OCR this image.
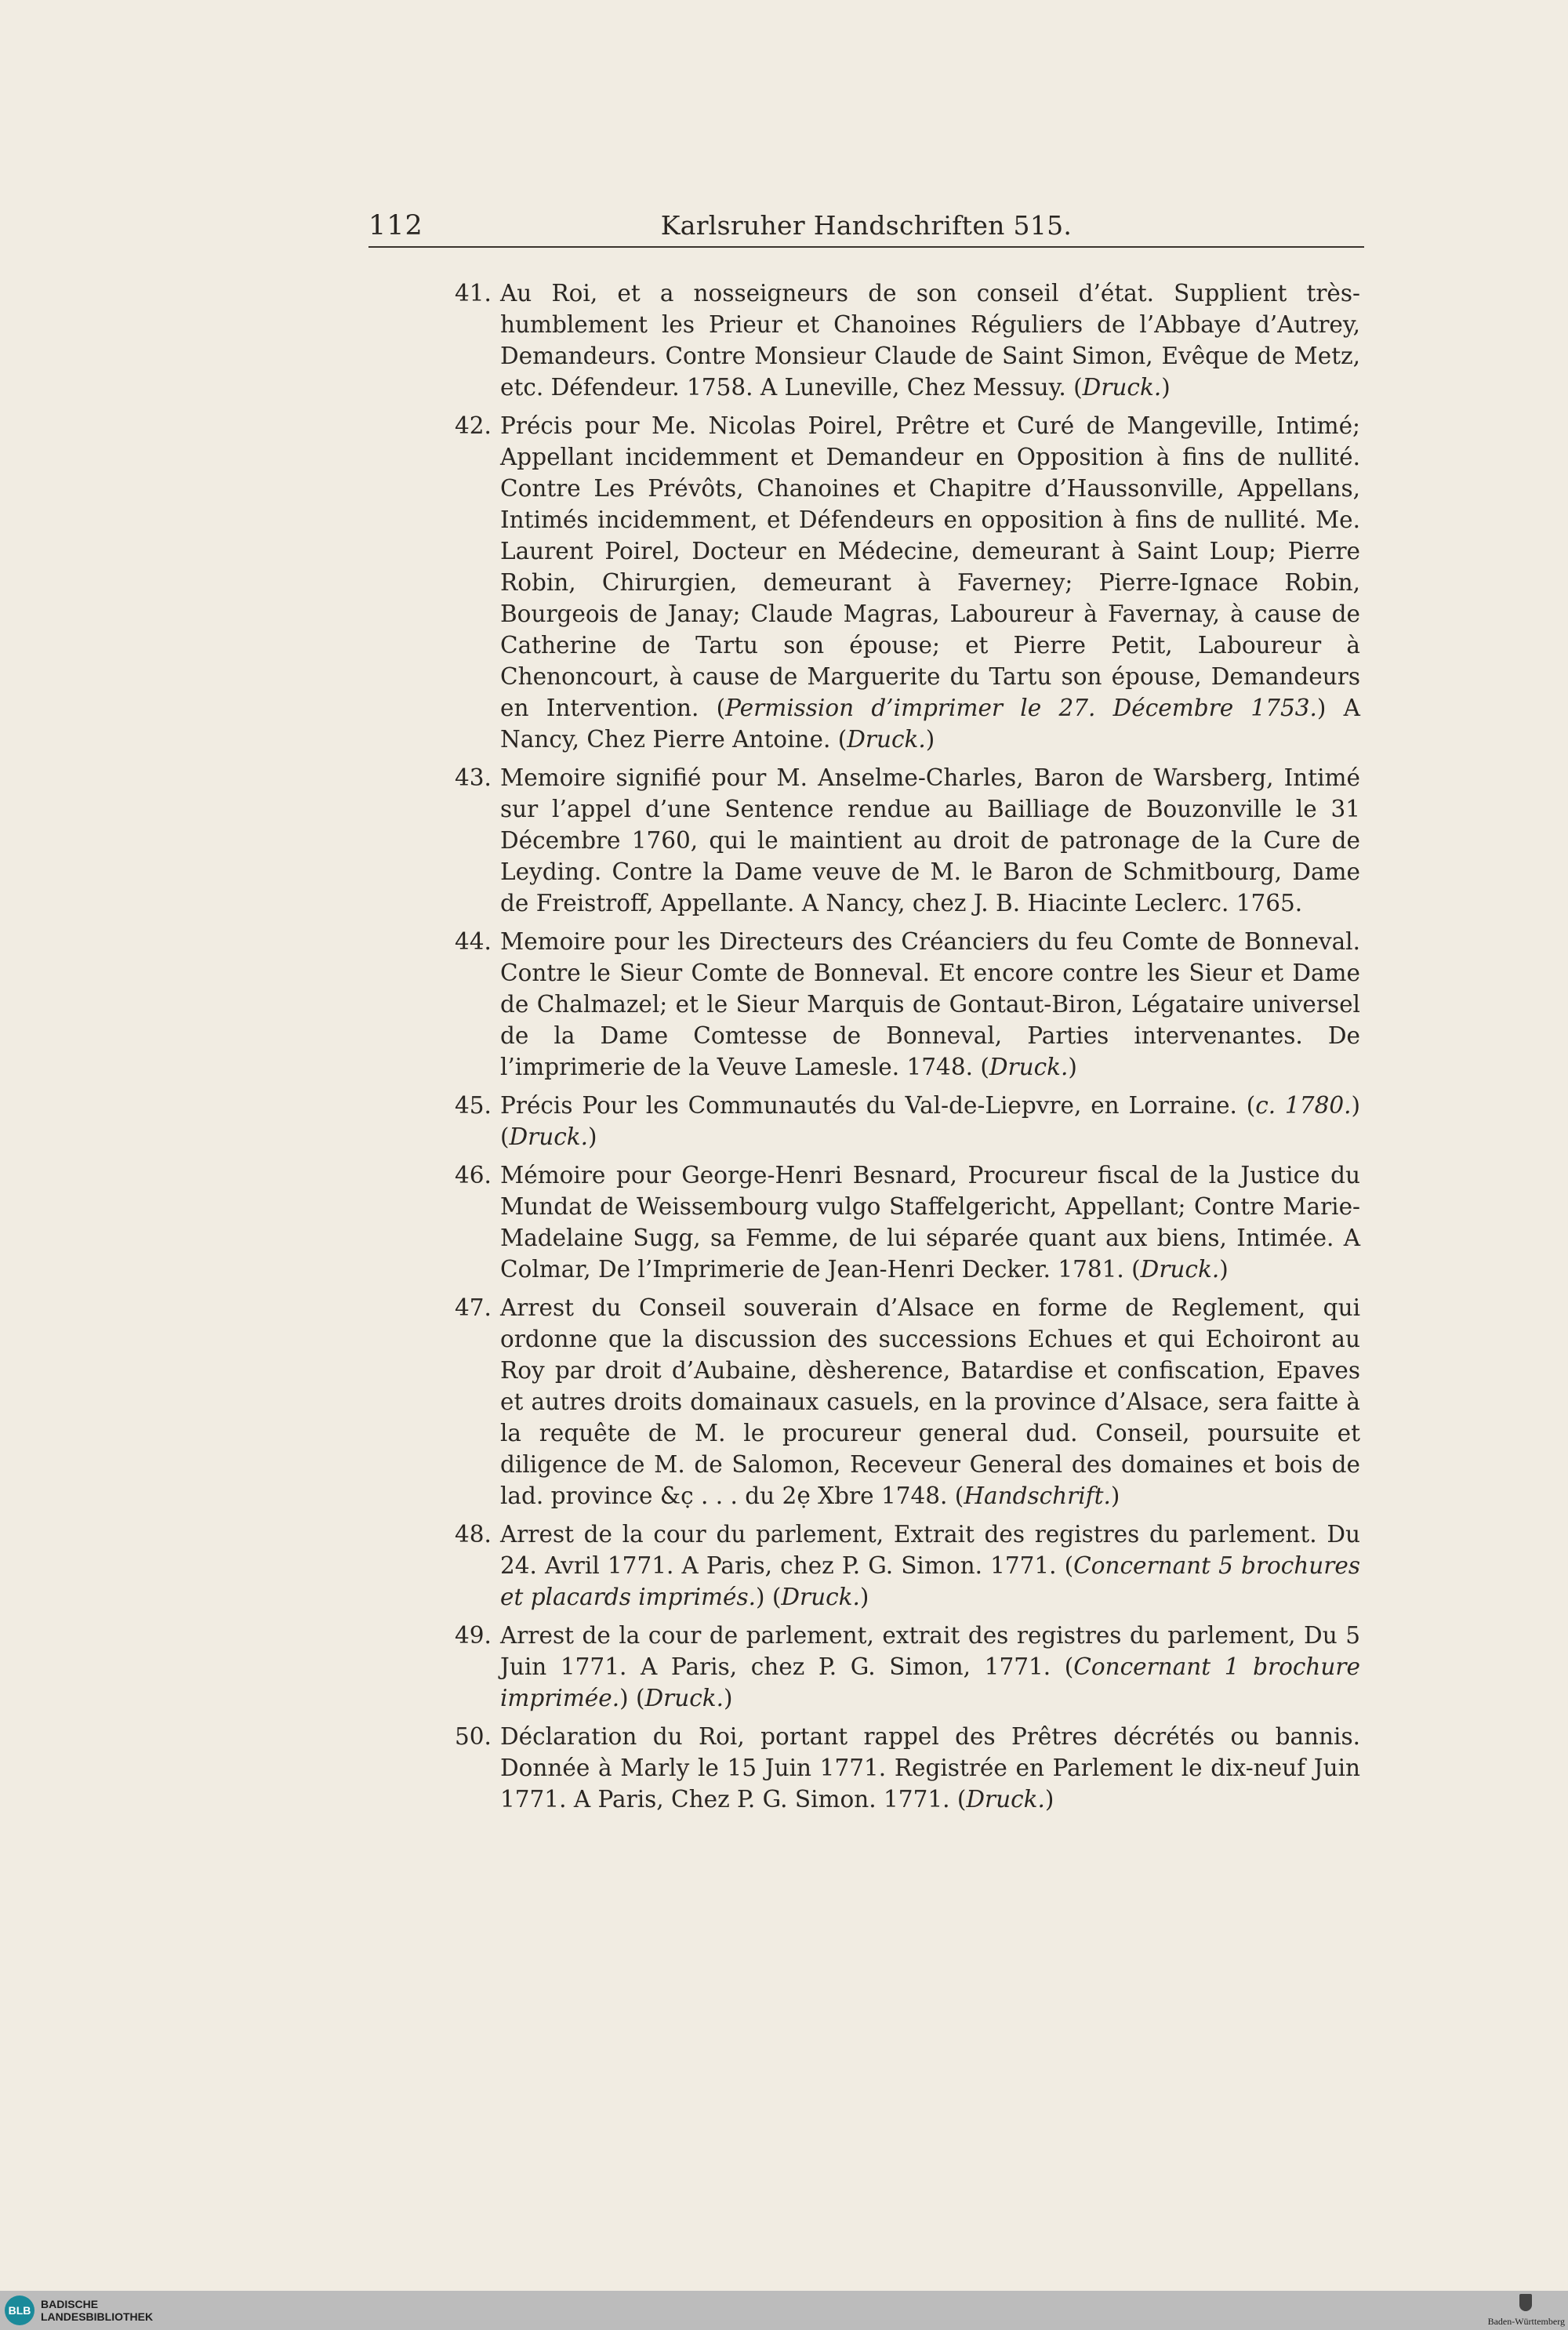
112	Karlsruher Handschriften 515.
41. Au Roi, et a nosseigneurs de son conseil d’état. Supplient très-humblement les Prieur et Chanoines Réguliers de l’Abbaye d’Autrey, Demandeurs. Contre Monsieur Claude de Saint Simon, Evêque de Metz, etc. Défendeur. 1758. A Luneville, Chez Messuy. (Druck.)
42. Précis pour Me. Nicolas Poirel, Prêtre et Curé de Mangeville, Intimé; Appellant incidemment et Demandeur en Opposition à fins de nullité. Contre Les Prévôts, Chanoines et Chapitre d’Haussonville, Appellans, Intimés incidemment, et Défendeurs en opposition à fins de nullité. Me. Laurent Poirel, Docteur en Médecine, demeurant à Saint Loup; Pierre Robin, Chirurgien, demeurant à Faverney; Pierre-Ignace Robin, Bourgeois de Janay; Claude Magras, Laboureur à Favernay, à cause de Catherine de Tartu son épouse; et Pierre Petit, Laboureur à Chenoncourt, à cause de Marguerite du Tartu son épouse, Demandeurs en Intervention. (Permission d’imprimer le 27. Décembre 1753.) A Nancy, Chez Pierre Antoine. (Druck.)
43. Memoire signifié pour M. Anselme-Charles, Baron de Warsberg, Intimé sur l’appel d’une Sentence rendue au Bailliage de Bouzonville le 31 Décembre 1760, qui le maintient au droit de patronage de la Cure de Leyding. Contre la Dame veuve de M. le Baron de Schmitbourg, Dame de Freistroff, Appellante. A Nancy, chez J. B. Hiacinte Leclerc. 1765.
44. Memoire pour les Directeurs des Créanciers du feu Comte de Bonneval. Contre le Sieur Comte de Bonneval. Et encore contre les Sieur et Dame de Chalmazel; et le Sieur Marquis de Gontaut-Biron, Légataire universel de la Dame Comtesse de Bonneval, Parties intervenantes. De l’imprimerie de la Veuve Lamesle. 1748. (Druck.)
45. Précis Pour les Communautés du Val-de-Liepvre, en Lorraine. (c. 1780.) (Druck.)
46. Mémoire pour George-Henri Besnard, Procureur fiscal de la Justice du Mundat de Weissembourg vulgo Staffelgericht, Appellant; Contre Marie-Madelaine Sugg, sa Femme, de lui séparée quant aux biens, Intimée. A Colmar, De l’Imprimerie de Jean-Henri Decker. 1781. (Druck.)
47. Arrest du Conseil souverain d’Alsace en forme de Reglement, qui ordonne que la discussion des successions Echues et qui Echoiront au Roy par droit d’Aubaine, dèsherence, Batardise et confiscation, Epaves et autres droits domainaux casuels, en la province d’Alsace, sera faitte à la requête de M. le procureur general dud. Conseil, poursuite et diligence de M. de Salomon, Receveur General des domaines et bois de lad. province &c̣ . . . du 2ẹ Xbre 1748. (Handschrift.)
48. Arrest de la cour du parlement, Extrait des registres du parlement. Du 24. Avril 1771. A Paris, chez P. G. Simon. 1771. (Concernant 5 brochures et placards imprimés.) (Druck.)
49. Arrest de la cour de parlement, extrait des registres du parlement, Du 5 Juin 1771. A Paris, chez P. G. Simon, 1771. (Concernant 1 brochure imprimée.) (Druck.)
50. Déclaration du Roi, portant rappel des Prêtres décrétés ou bannis. Donnée à Marly le 15 Juin 1771. Registrée en Parlement le dix-neuf Juin 1771. A Paris, Chez P. G. Simon. 1771. (Druck.)
BLB BADISCHE
LANDESBIBLIOTHEK	Baden-Württemberg
